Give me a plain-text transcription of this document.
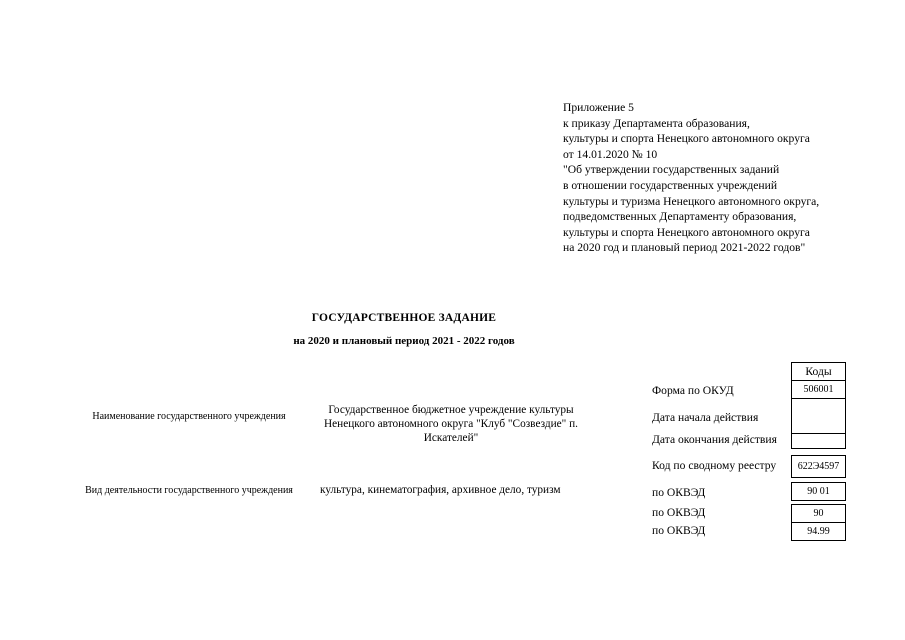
Приложение 5
к приказу Департамента образования,
культуры и спорта Ненецкого автономного округа
от 14.01.2020 № 10
"Об утверждении государственных заданий
в отношении государственных учреждений
культуры и туризма Ненецкого автономного округа,
подведомственных Департаменту образования,
культуры и спорта Ненецкого автономного округа
на 2020 год и плановый период 2021-2022 годов"
ГОСУДАРСТВЕННОЕ ЗАДАНИЕ
на 2020 и плановый период 2021 - 2022 годов
Коды
Наименование государственного учреждения
Государственное бюджетное учреждение культуры Ненецкого автономного округа "Клуб "Созвездие" п. Искателей"
Вид деятельности государственного учреждения	культура, кинематография, архивное дело, туризм
Форма по ОКУД
Дата начала действия
Дата окончания действия
Код по сводному реестру
по ОКВЭД
по ОКВЭД
по ОКВЭД
506001
622Э4597
90 01
90
94.99
